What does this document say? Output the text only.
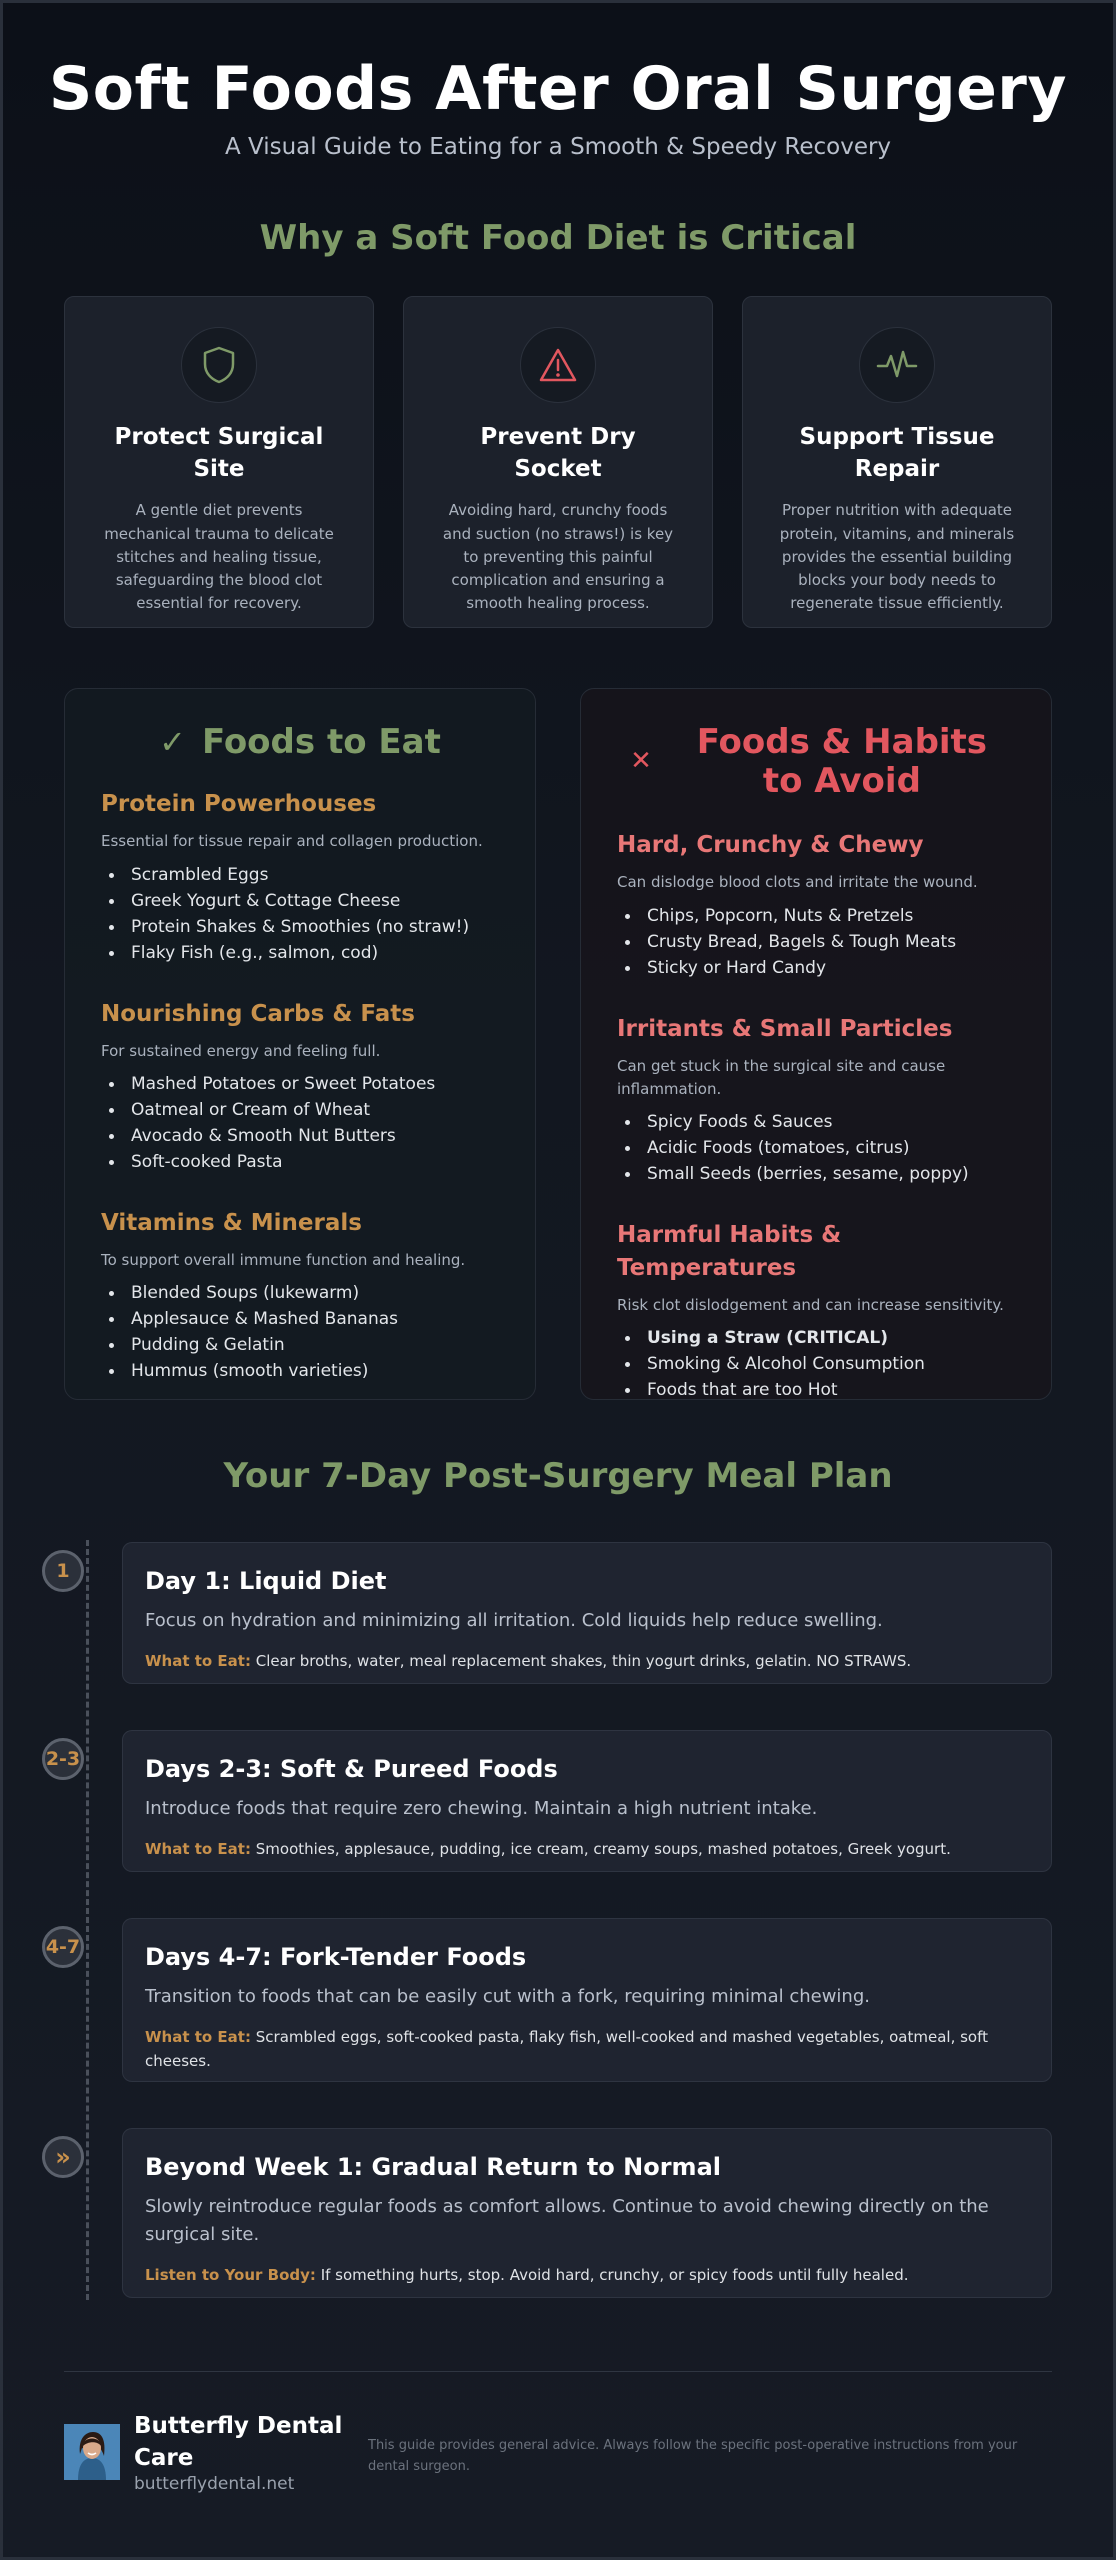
Soft Foods After Oral Surgery

A Visual Guide to Eating for a Smooth & Speedy Recovery

Why a Soft Food Diet is Critical
Protect Surgical Site
A gentle diet prevents mechanical trauma to delicate stitches and healing tissue, safeguarding the blood clot essential for recovery.
Prevent Dry Socket
Avoiding hard, crunchy foods and suction (no straws!) is key to preventing this painful complication and ensuring a smooth healing process.
Support Tissue Repair
Proper nutrition with adequate protein, vitamins, and minerals provides the essential building blocks your body needs to regenerate tissue efficiently.
✓ Foods to Eat
Protein Powerhouses
Essential for tissue repair and collagen production.
Scrambled Eggs
Greek Yogurt & Cottage Cheese
Protein Shakes & Smoothies (no straw!)
Flaky Fish (e.g., salmon, cod)
Nourishing Carbs & Fats
For sustained energy and feeling full.
Mashed Potatoes or Sweet Potatoes
Oatmeal or Cream of Wheat
Avocado & Smooth Nut Butters
Soft-cooked Pasta
Vitamins & Minerals
To support overall immune function and healing.
Blended Soups (lukewarm)
Applesauce & Mashed Bananas
Pudding & Gelatin
Hummus (smooth varieties)
✕	Foods & Habits to Avoid
Hard, Crunchy & Chewy
Can dislodge blood clots and irritate the wound.
Chips, Popcorn, Nuts & Pretzels
Crusty Bread, Bagels & Tough Meats
Sticky or Hard Candy
Irritants & Small Particles
Can get stuck in the surgical site and cause inflammation.
Spicy Foods & Sauces
Acidic Foods (tomatoes, citrus)
Small Seeds (berries, sesame, poppy)
Harmful Habits & Temperatures
Risk clot dislodgement and can increase sensitivity.
Using a Straw (CRITICAL)
Smoking & Alcohol Consumption
Foods that are too Hot
Your 7-Day Post-Surgery Meal Plan
1	Day 1: Liquid Diet
Focus on hydration and minimizing all irritation. Cold liquids help reduce swelling.
What to Eat: Clear broths, water, meal replacement shakes, thin yogurt drinks, gelatin. NO STRAWS.
2-3	Days 2-3: Soft & Pureed Foods
Introduce foods that require zero chewing. Maintain a high nutrient intake.
What to Eat: Smoothies, applesauce, pudding, ice cream, creamy soups, mashed potatoes, Greek yogurt.
4-7	Days 4-7: Fork-Tender Foods
Transition to foods that can be easily cut with a fork, requiring minimal chewing.
What to Eat: Scrambled eggs, soft-cooked pasta, flaky fish, well-cooked and mashed vegetables, oatmeal, soft cheeses.
»	Beyond Week 1: Gradual Return to Normal
Slowly reintroduce regular foods as comfort allows. Continue to avoid chewing directly on the surgical site.
Listen to Your Body: If something hurts, stop. Avoid hard, crunchy, or spicy foods until fully healed.
Butterfly Dental Care
butterflydental.net
This guide provides general advice. Always follow the specific post-operative instructions from your dental surgeon.
